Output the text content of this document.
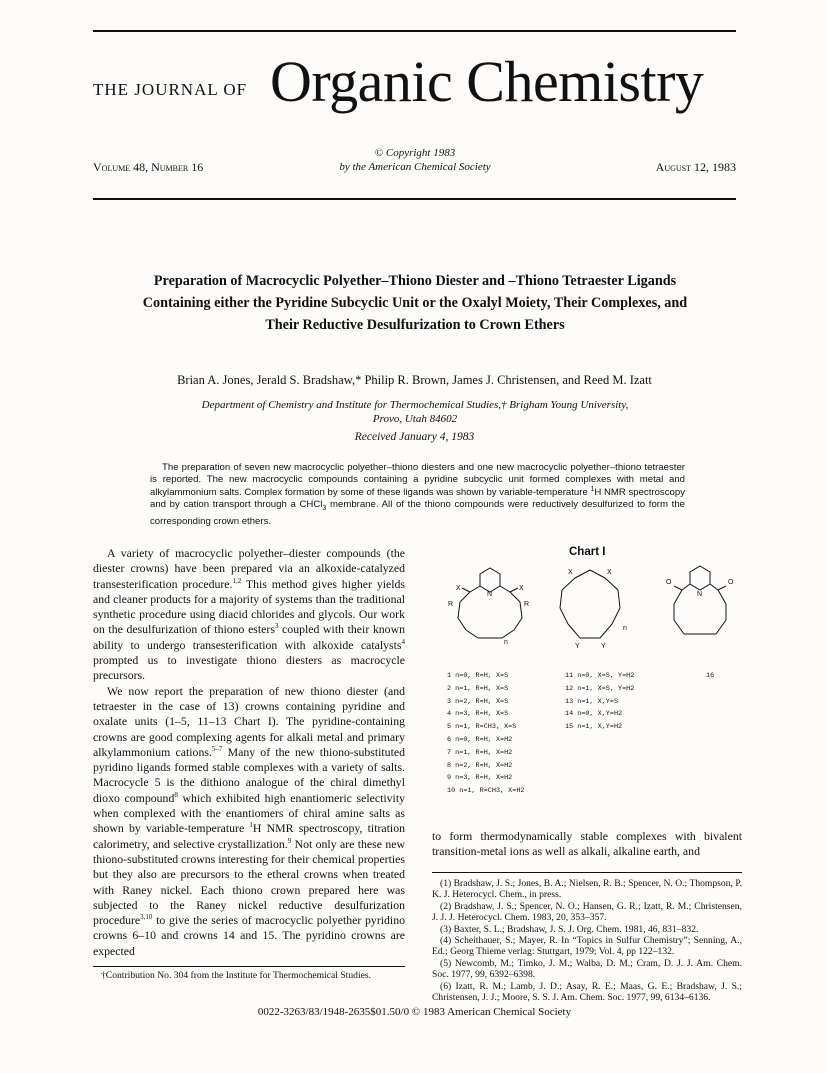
THE JOURNAL OF Organic Chemistry
Volume 48, Number 16
© Copyright 1983
by the American Chemical Society	August 12, 1983
Preparation of Macrocyclic Polyether–Thiono Diester and –Thiono Tetraester Ligands Containing either the Pyridine Subcyclic Unit or the Oxalyl Moiety, Their Complexes, and Their Reductive Desulfurization to Crown Ethers
Brian A. Jones, Jerald S. Bradshaw,* Philip R. Brown, James J. Christensen, and Reed M. Izatt
Department of Chemistry and Institute for Thermochemical Studies,† Brigham Young University,
Provo, Utah 84602
Received January 4, 1983
The preparation of seven new macrocyclic polyether–thiono diesters and one new macrocyclic polyether–thiono tetraester is reported. The new macrocyclic compounds containing a pyridine subcyclic unit formed complexes with metal and alkylammonium salts. Complex formation by some of these ligands was shown by variable-temperature $^1$H NMR spectroscopy and by cation transport through a CHCl$_3$ membrane. All of the thiono compounds were reductively desulfurized to form the corresponding crown ethers.

A variety of macrocyclic polyether–diester compounds (the diester crowns) have been prepared via an alkoxide-catalyzed transesterification procedure.$^{1,2}$ This method gives higher yields and cleaner products for a majority of systems than the traditional synthetic procedure using diacid chlorides and glycols. Our work on the desulfurization of thiono esters$^3$ coupled with their known ability to undergo transesterification with alkoxide catalysts$^4$ prompted us to investigate thiono diesters as macrocycle precursors.

We now report the preparation of new thiono diester (and tetraester in the case of 13) crowns containing pyridine and oxalate units (1–5, 11–13 Chart I). The pyridine-containing crowns are good complexing agents for alkali metal and primary alkylammonium cations.$^{5-7}$ Many of the new thiono-substituted pyridino ligands formed stable complexes with a variety of salts. Macrocycle 5 is the dithiono analogue of the chiral dimethyl dioxo compound$^8$ which exhibited high enantiomeric selectivity when complexed with the enantiomers of chiral amine salts as shown by variable-temperature $^1$H NMR spectroscopy, titration calorimetry, and selective crystallization.$^9$ Not only are these new thiono-substituted crowns interesting for their chemical properties but they also are precursors to the etheral crowns when treated with Raney nickel. Each thiono crown prepared here was subjected to the Raney nickel reductive desulfurization procedure$^{3,10}$ to give the series of macrocyclic polyether pyridino crowns 6–10 and crowns 14 and 15. The pyridino crowns are expected

†Contribution No. 304 from the Institute for Thermochemical Studies.
Chart I
X	X
N
R	R
n
X	X
Y	Y
n
O	O
N
1 n=0, R=H, X=S
2 n=1, R=H, X=S
3 n=2, R=H, X=S
4 n=3, R=H, X=S
5 n=1, R=CH3, X=S
6 n=0, R=H, X=H2
7 n=1, R=H, X=H2
8 n=2, R=H, X=H2
9 n=3, R=H, X=H2
10 n=1, R=CH3, X=H2
11 n=0, X=S, Y=H2
12 n=1, X=S, Y=H2
13 n=1, X,Y=S
14 n=0, X,Y=H2
15 n=1, X,Y=H2
16
to form thermodynamically stable complexes with bivalent transition-metal ions as well as alkali, alkaline earth, and

(1) Bradshaw, J. S.; Jones, B. A.; Nielsen, R. B.; Spencer, N. O.; Thompson, P. K. J. Heterocycl. Chem., in press.

(2) Bradshaw, J. S.; Spencer, N. O.; Hansen, G. R.; Izatt, R. M.; Christensen, J. J. J. Heterocycl. Chem. 1983, 20, 353–357.

(3) Baxter, S. L.; Bradshaw, J. S. J. Org. Chem. 1981, 46, 831–832.

(4) Scheithauer, S.; Mayer, R. In “Topics in Sulfur Chemistry”; Senning, A., Ed.; Georg Thieme verlag: Stuttgart, 1979; Vol. 4, pp 122–132.

(5) Newcomb, M.; Timko, J. M.; Walba, D. M.; Cram, D. J. J. Am. Chem. Soc. 1977, 99, 6392–6398.

(6) Izatt, R. M.; Lamb, J. D.; Asay, R. E.; Maas, G. E.; Bradshaw, J. S.; Christensen, J. J.; Moore, S. S. J. Am. Chem. Soc. 1977, 99, 6134–6136.

0022-3263/83/1948-2635$01.50/0 © 1983 American Chemical Society
